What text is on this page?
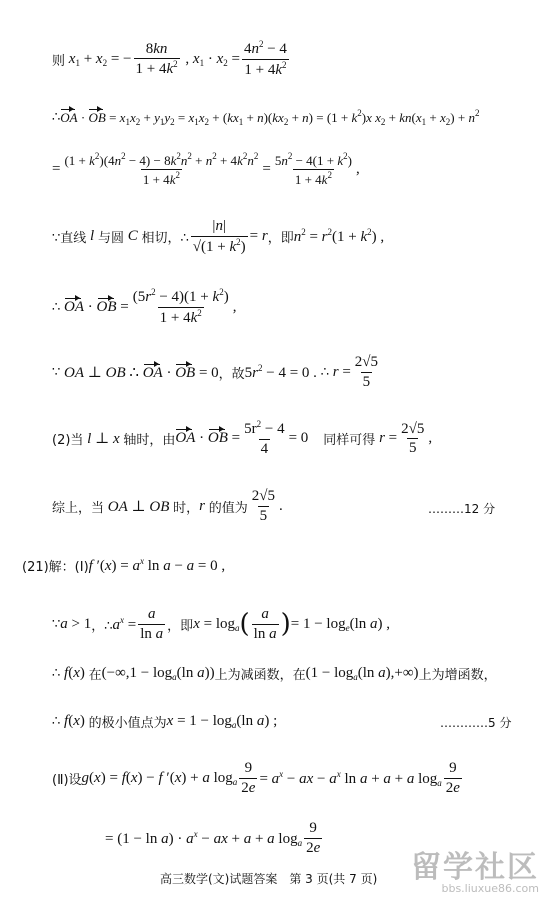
则 $x_1 + x_2$ = − $\frac{8kn}{1 + 4k^2}$ , $x_1 \cdot x_2 = \frac{4n^2 - 4}{1 + 4k^2}$
∴ OA · OB = $x_1x_2 + y_1y_2 = x_1x_2 + (kx_1 + n)(kx_2 + n) = (1 + k^2)x$ $x_2 + kn(x_1 + x_2) + n^2$
= $\frac{(1 + k^2)(4n^2 - 4) - 8k^2n^2 + n^2 + 4k^2n^2}{1 + 4k^2} = \frac{5n^2 - 4(1 + k^2)}{1 + 4k^2}$ ,
∵直线 l 与圆 C 相切，∴ $\frac{|n|}{√(1 + k^2)} = r$ ，即 $n^2 = r^2(1 + k^2)$ ,
∴ OA · OB = $\frac{(5r^2 - 4)(1 + k^2)}{1 + 4k^2}$ ,
∵ OA ⊥ OB ∴ OA · OB = 0 ，故 $5r^2 - 4 = 0$ . ∴ $r = \frac{2√5}{5}$
(2)当 l ⊥ x 轴时，由 OA · OB = $\frac{5r^2 - 4}{4} = 0$ 同样可得 $r = \frac{2√5}{5}$ ,
综上，当 OA ⊥ OB 时， r 的值为 $\frac{2√5}{5}$ .	………12 分
(21)解：(Ⅰ) f $'(x) = a^x$ ln a − a = 0 ,
∵ a > 1 ，∴ $a^x = \frac{a}{\text{ln a}}$ ，即 $x = \log_a$ ( $\frac{a}{\text{ln a}}$ ) = $1 - \log_e(\ln$ a) ,
∴ f(x) 在 ($-\infty,1 - \log_a(\ln$ a)) 上为减函数，在 ($1 - \log_a(\ln$ a),+∞) 上为增函数，
∴ f(x) 的极小值点为 $x = 1 - \log_a(\ln$ a) ;	…………5 分
(Ⅱ)设 g(x) = f(x) − f ′(x) + a $\log_a \frac{9}{2e} = a^x$ − ax − $a^x$ ln a + a + a $\log_a \frac{9}{2e}$
= $(1 - \ln a) \cdot a^x$ − ax + a + a $\log_a \frac{9}{2e}$
高三数学(文)试题答案　第 3 页(共 7 页) 留学社区
bbs.liuxue86.com
